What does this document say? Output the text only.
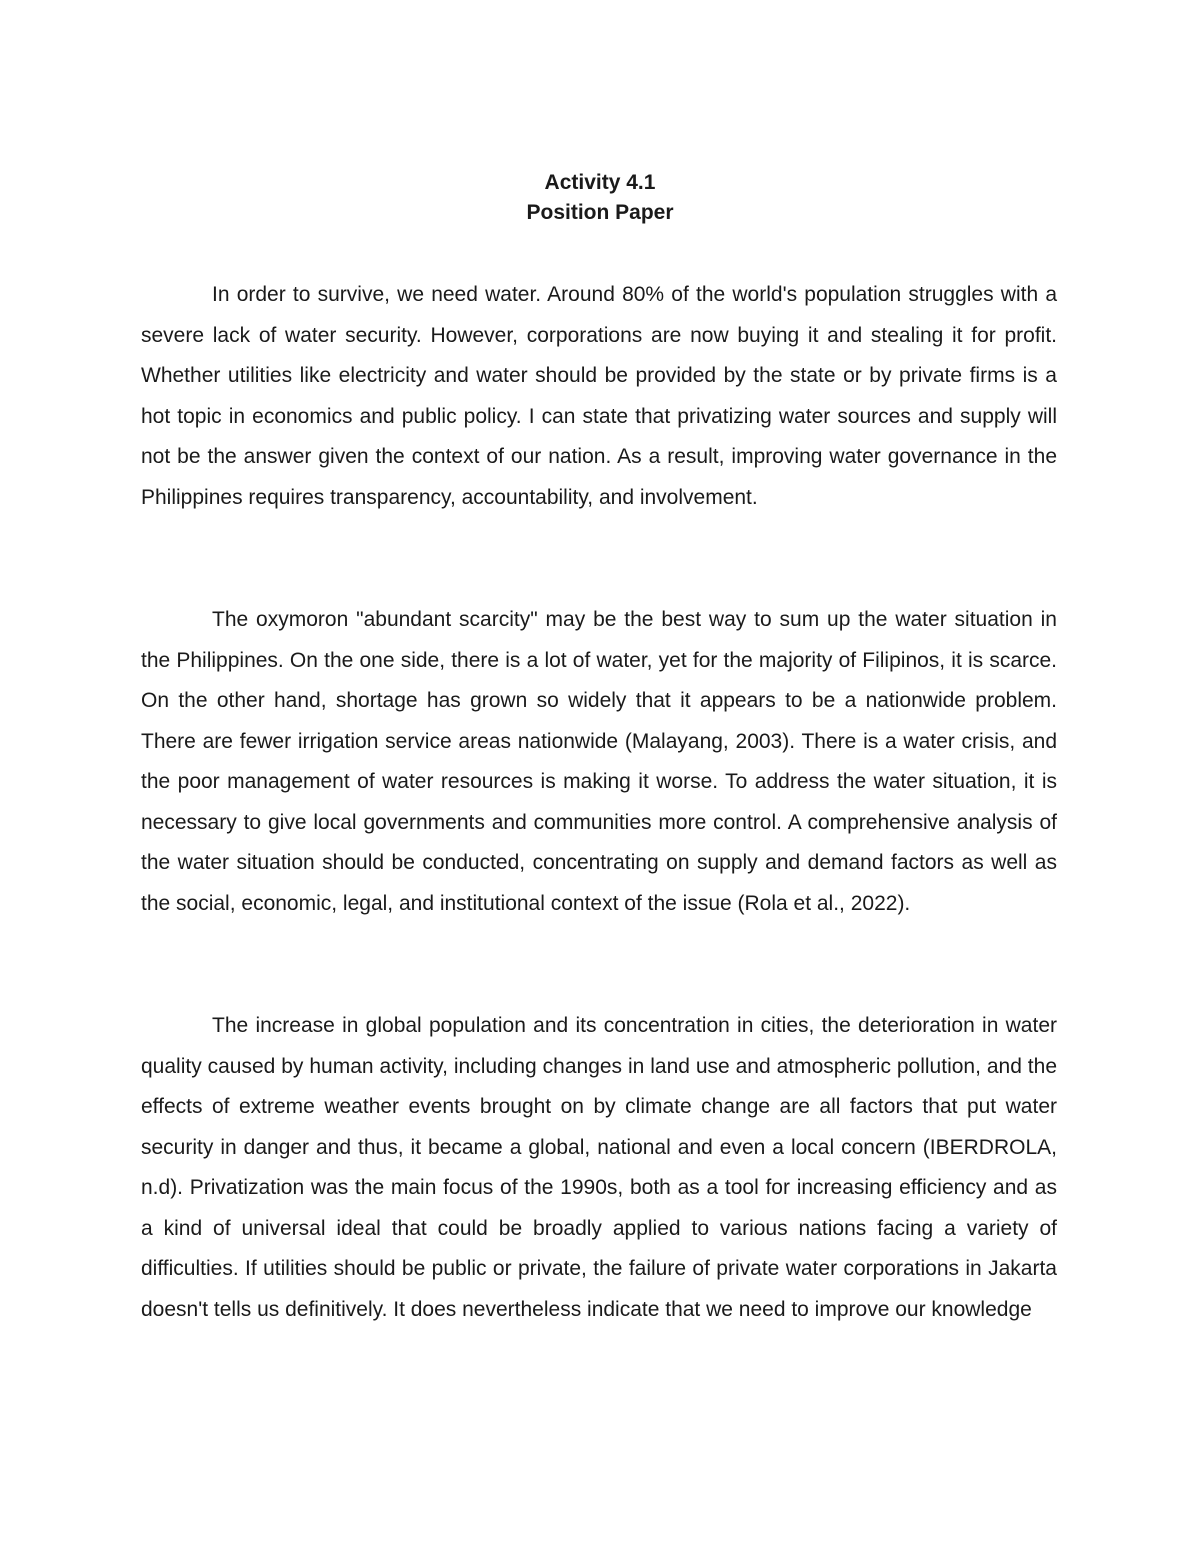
Activity 4.1
Position Paper

In order to survive, we need water. Around 80% of the world's population struggles with a severe lack of water security. However, corporations are now buying it and stealing it for profit. Whether utilities like electricity and water should be provided by the state or by private firms is a hot topic in economics and public policy. I can state that privatizing water sources and supply will not be the answer given the context of our nation. As a result, improving water governance in the Philippines requires transparency, accountability, and involvement.

The oxymoron "abundant scarcity" may be the best way to sum up the water situation in the Philippines. On the one side, there is a lot of water, yet for the majority of Filipinos, it is scarce. On the other hand, shortage has grown so widely that it appears to be a nationwide problem. There are fewer irrigation service areas nationwide (Malayang, 2003). There is a water crisis, and the poor management of water resources is making it worse. To address the water situation, it is necessary to give local governments and communities more control. A comprehensive analysis of the water situation should be conducted, concentrating on supply and demand factors as well as the social, economic, legal, and institutional context of the issue (Rola et al., 2022).

The increase in global population and its concentration in cities, the deterioration in water quality caused by human activity, including changes in land use and atmospheric pollution, and the effects of extreme weather events brought on by climate change are all factors that put water security in danger and thus, it became a global, national and even a local concern (IBERDROLA, n.d). Privatization was the main focus of the 1990s, both as a tool for increasing efficiency and as a kind of universal ideal that could be broadly applied to various nations facing a variety of difficulties. If utilities should be public or private, the failure of private water corporations in Jakarta doesn't tells us definitively. It does nevertheless indicate that we need to improve our knowledge
